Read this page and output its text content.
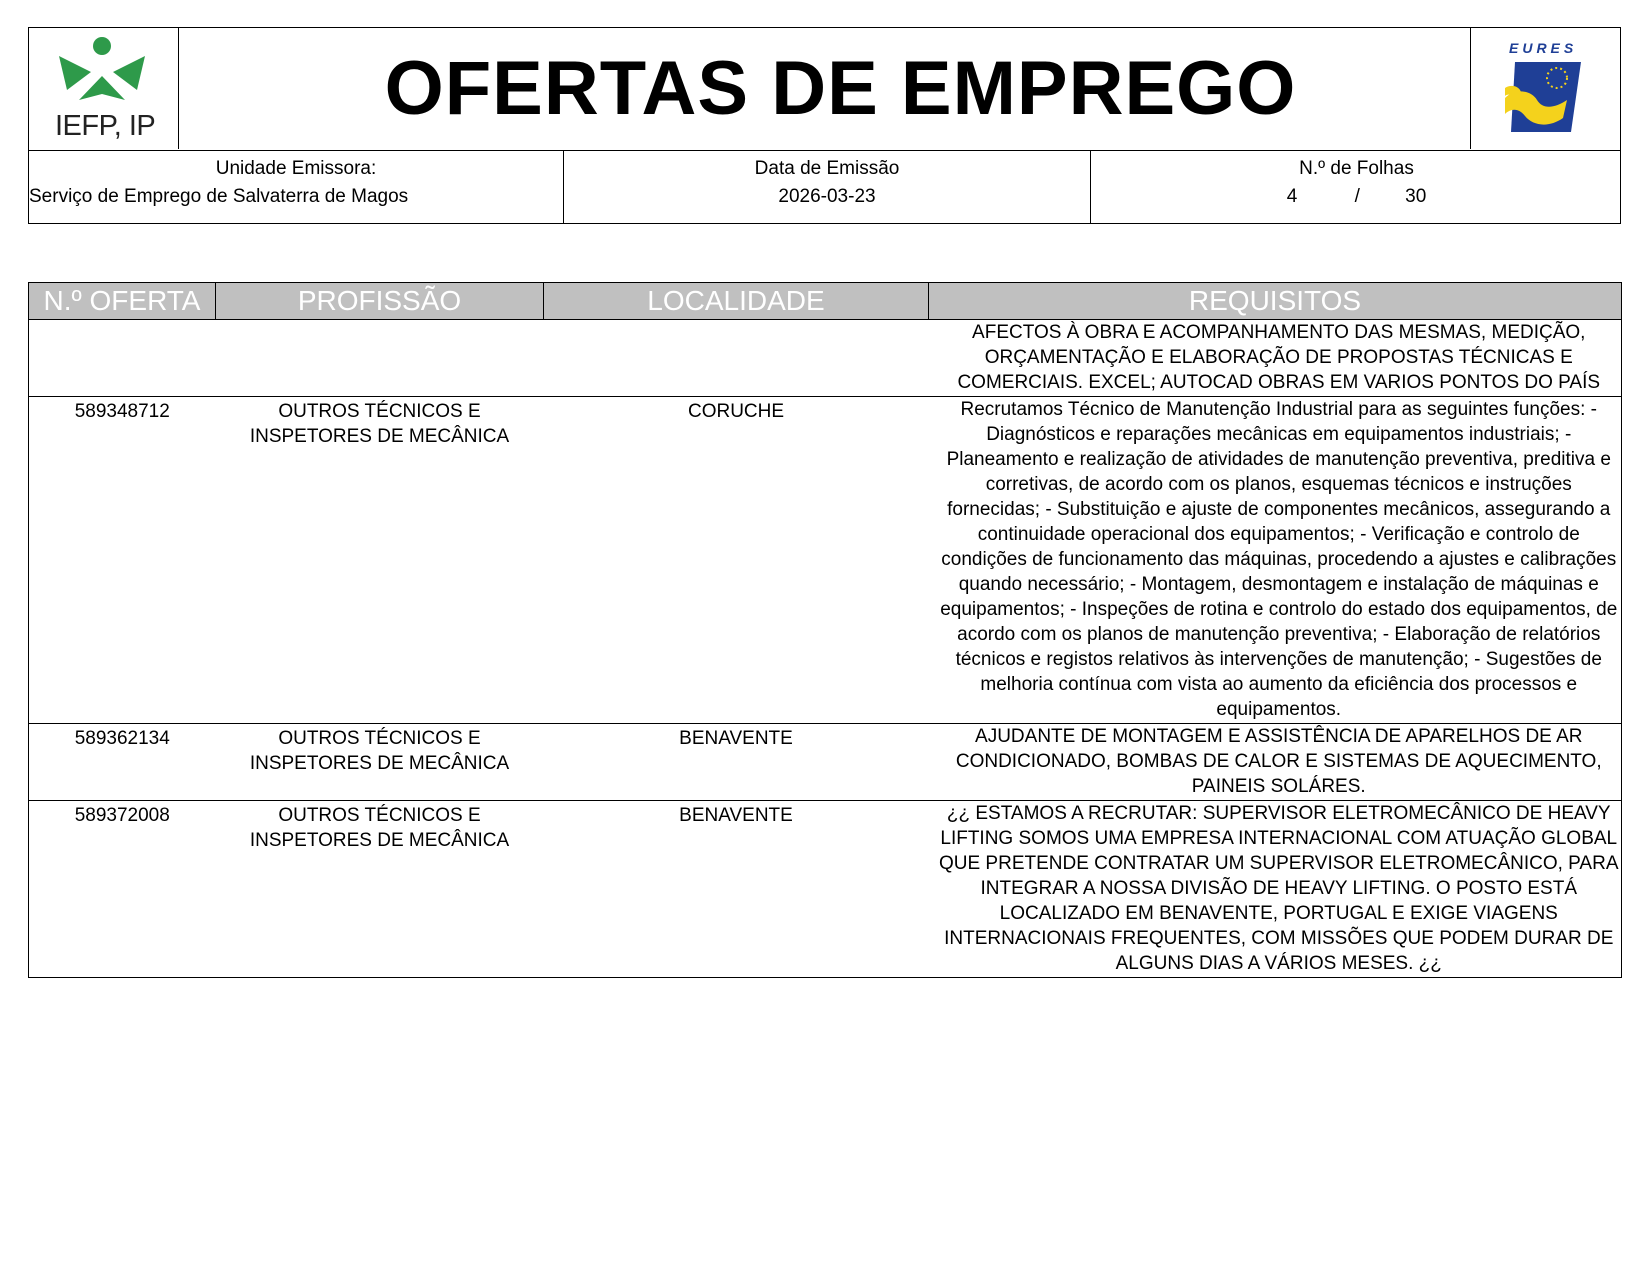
IEFP, IP	OFERTAS DE EMPREGO	EURES
Unidade Emissora:
Serviço de Emprego de Salvaterra de Magos
Data de Emissão
2026-03-23
N.º de Folhas
4	/ 30
N.º OFERTA	PROFISSÃO	LOCALIDADE	REQUISITOS
			AFECTOS À OBRA E ACOMPANHAMENTO DAS MESMAS, MEDIÇÃO, ORÇAMENTAÇÃO E ELABORAÇÃO DE PROPOSTAS TÉCNICAS E COMERCIAIS. EXCEL; AUTOCAD OBRAS EM VARIOS PONTOS DO PAÍS
589348712	OUTROS TÉCNICOS E INSPETORES DE MECÂNICA	CORUCHE	Recrutamos Técnico de Manutenção Industrial para as seguintes funções: - Diagnósticos e reparações mecânicas em equipamentos industriais; - Planeamento e realização de atividades de manutenção preventiva, preditiva e corretivas, de acordo com os planos, esquemas técnicos e instruções fornecidas; - Substituição e ajuste de componentes mecânicos, assegurando a continuidade operacional dos equipamentos; - Verificação e controlo de condições de funcionamento das máquinas, procedendo a ajustes e calibrações quando necessário; - Montagem, desmontagem e instalação de máquinas e equipamentos; - Inspeções de rotina e controlo do estado dos equipamentos, de acordo com os planos de manutenção preventiva; - Elaboração de relatórios técnicos e registos relativos às intervenções de manutenção; - Sugestões de melhoria contínua com vista ao aumento da eficiência dos processos e equipamentos.
589362134	OUTROS TÉCNICOS E INSPETORES DE MECÂNICA	BENAVENTE	AJUDANTE DE MONTAGEM E ASSISTÊNCIA DE APARELHOS DE AR CONDICIONADO, BOMBAS DE CALOR E SISTEMAS DE AQUECIMENTO, PAINEIS SOLÁRES.
589372008	OUTROS TÉCNICOS E INSPETORES DE MECÂNICA	BENAVENTE	¿¿ ESTAMOS A RECRUTAR: SUPERVISOR ELETROMECÂNICO DE HEAVY LIFTING SOMOS UMA EMPRESA INTERNACIONAL COM ATUAÇÃO GLOBAL QUE PRETENDE CONTRATAR UM SUPERVISOR ELETROMECÂNICO, PARA INTEGRAR A NOSSA DIVISÃO DE HEAVY LIFTING. O POSTO ESTÁ LOCALIZADO EM BENAVENTE, PORTUGAL E EXIGE VIAGENS INTERNACIONAIS FREQUENTES, COM MISSÕES QUE PODEM DURAR DE ALGUNS DIAS A VÁRIOS MESES. ¿¿
